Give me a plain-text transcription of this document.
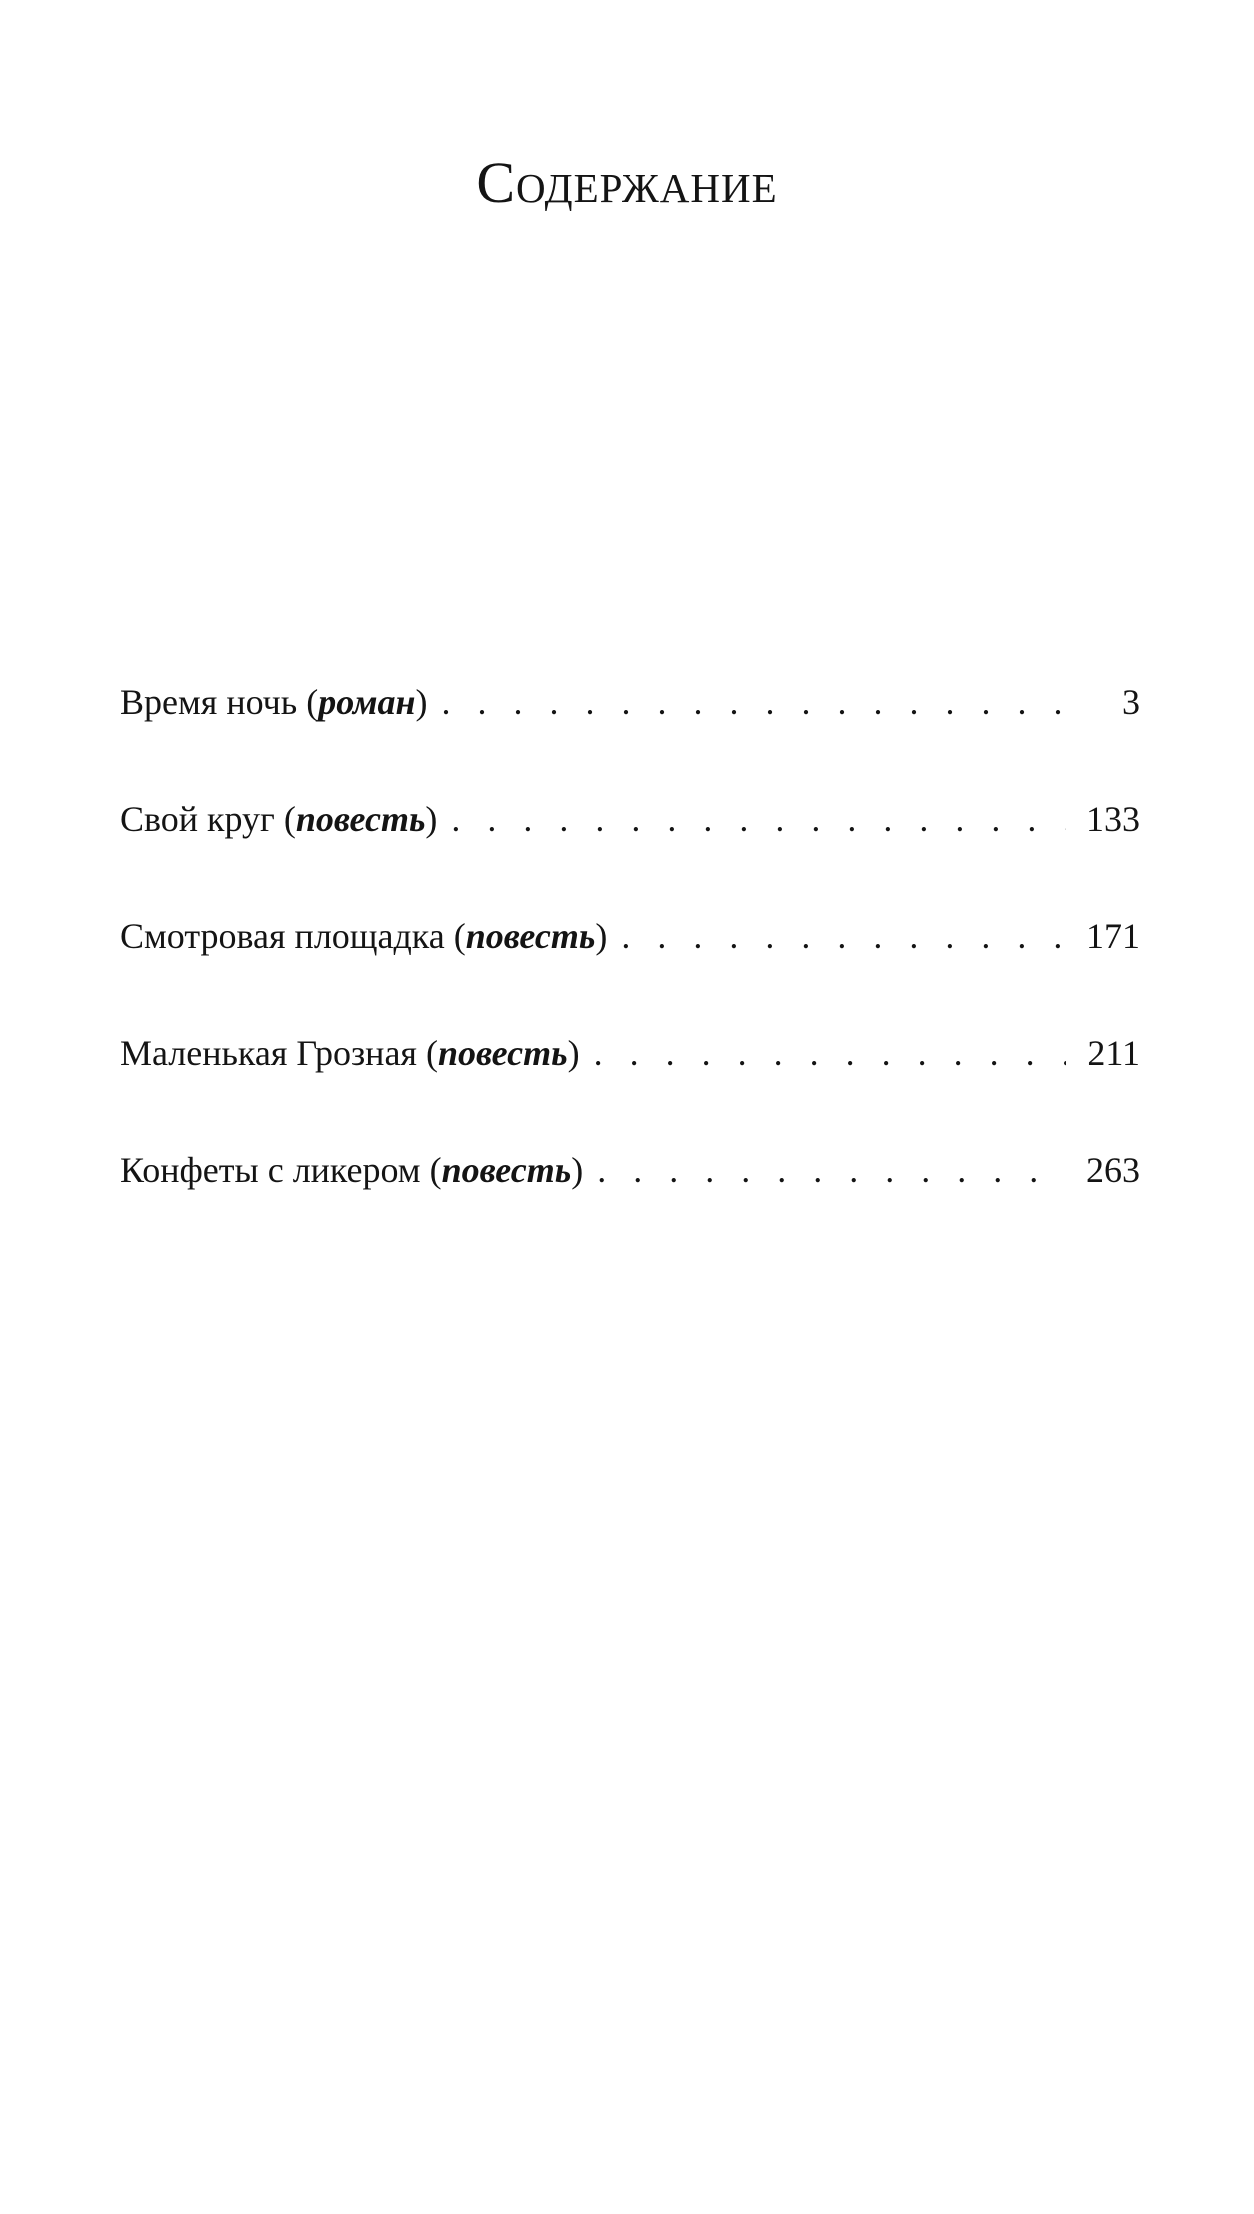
Содержание
Время ночь (роман) . . .	3
Свой круг (повесть) . . .	133
Смотровая площадка (повесть) . . .	171
Маленькая Грозная (повесть) . . .	211
Конфеты с ликером (повесть) . . .	263
